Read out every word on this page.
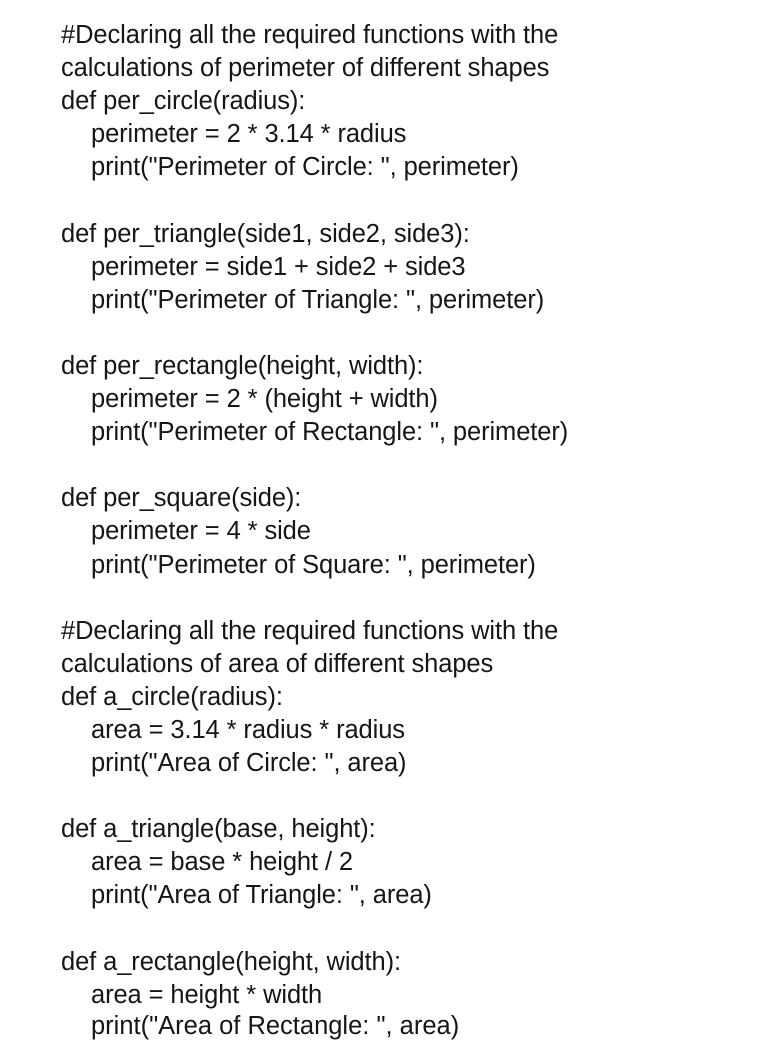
#Declaring all the required functions with the
calculations of perimeter of different shapes
def per_circle(radius):
perimeter = 2 * 3.14 * radius
print("Perimeter of Circle: ", perimeter)
def per_triangle(side1, side2, side3):
perimeter = side1 + side2 + side3
print("Perimeter of Triangle: ", perimeter)
def per_rectangle(height, width):
perimeter = 2 * (height + width)
print("Perimeter of Rectangle: ", perimeter)
def per_square(side):
perimeter = 4 * side
print("Perimeter of Square: ", perimeter)
#Declaring all the required functions with the
calculations of area of different shapes
def a_circle(radius):
area = 3.14 * radius * radius
print("Area of Circle: ", area)
def a_triangle(base, height):
area = base * height / 2
print("Area of Triangle: ", area)
def a_rectangle(height, width):
area = height * width
print("Area of Rectangle: ", area)
